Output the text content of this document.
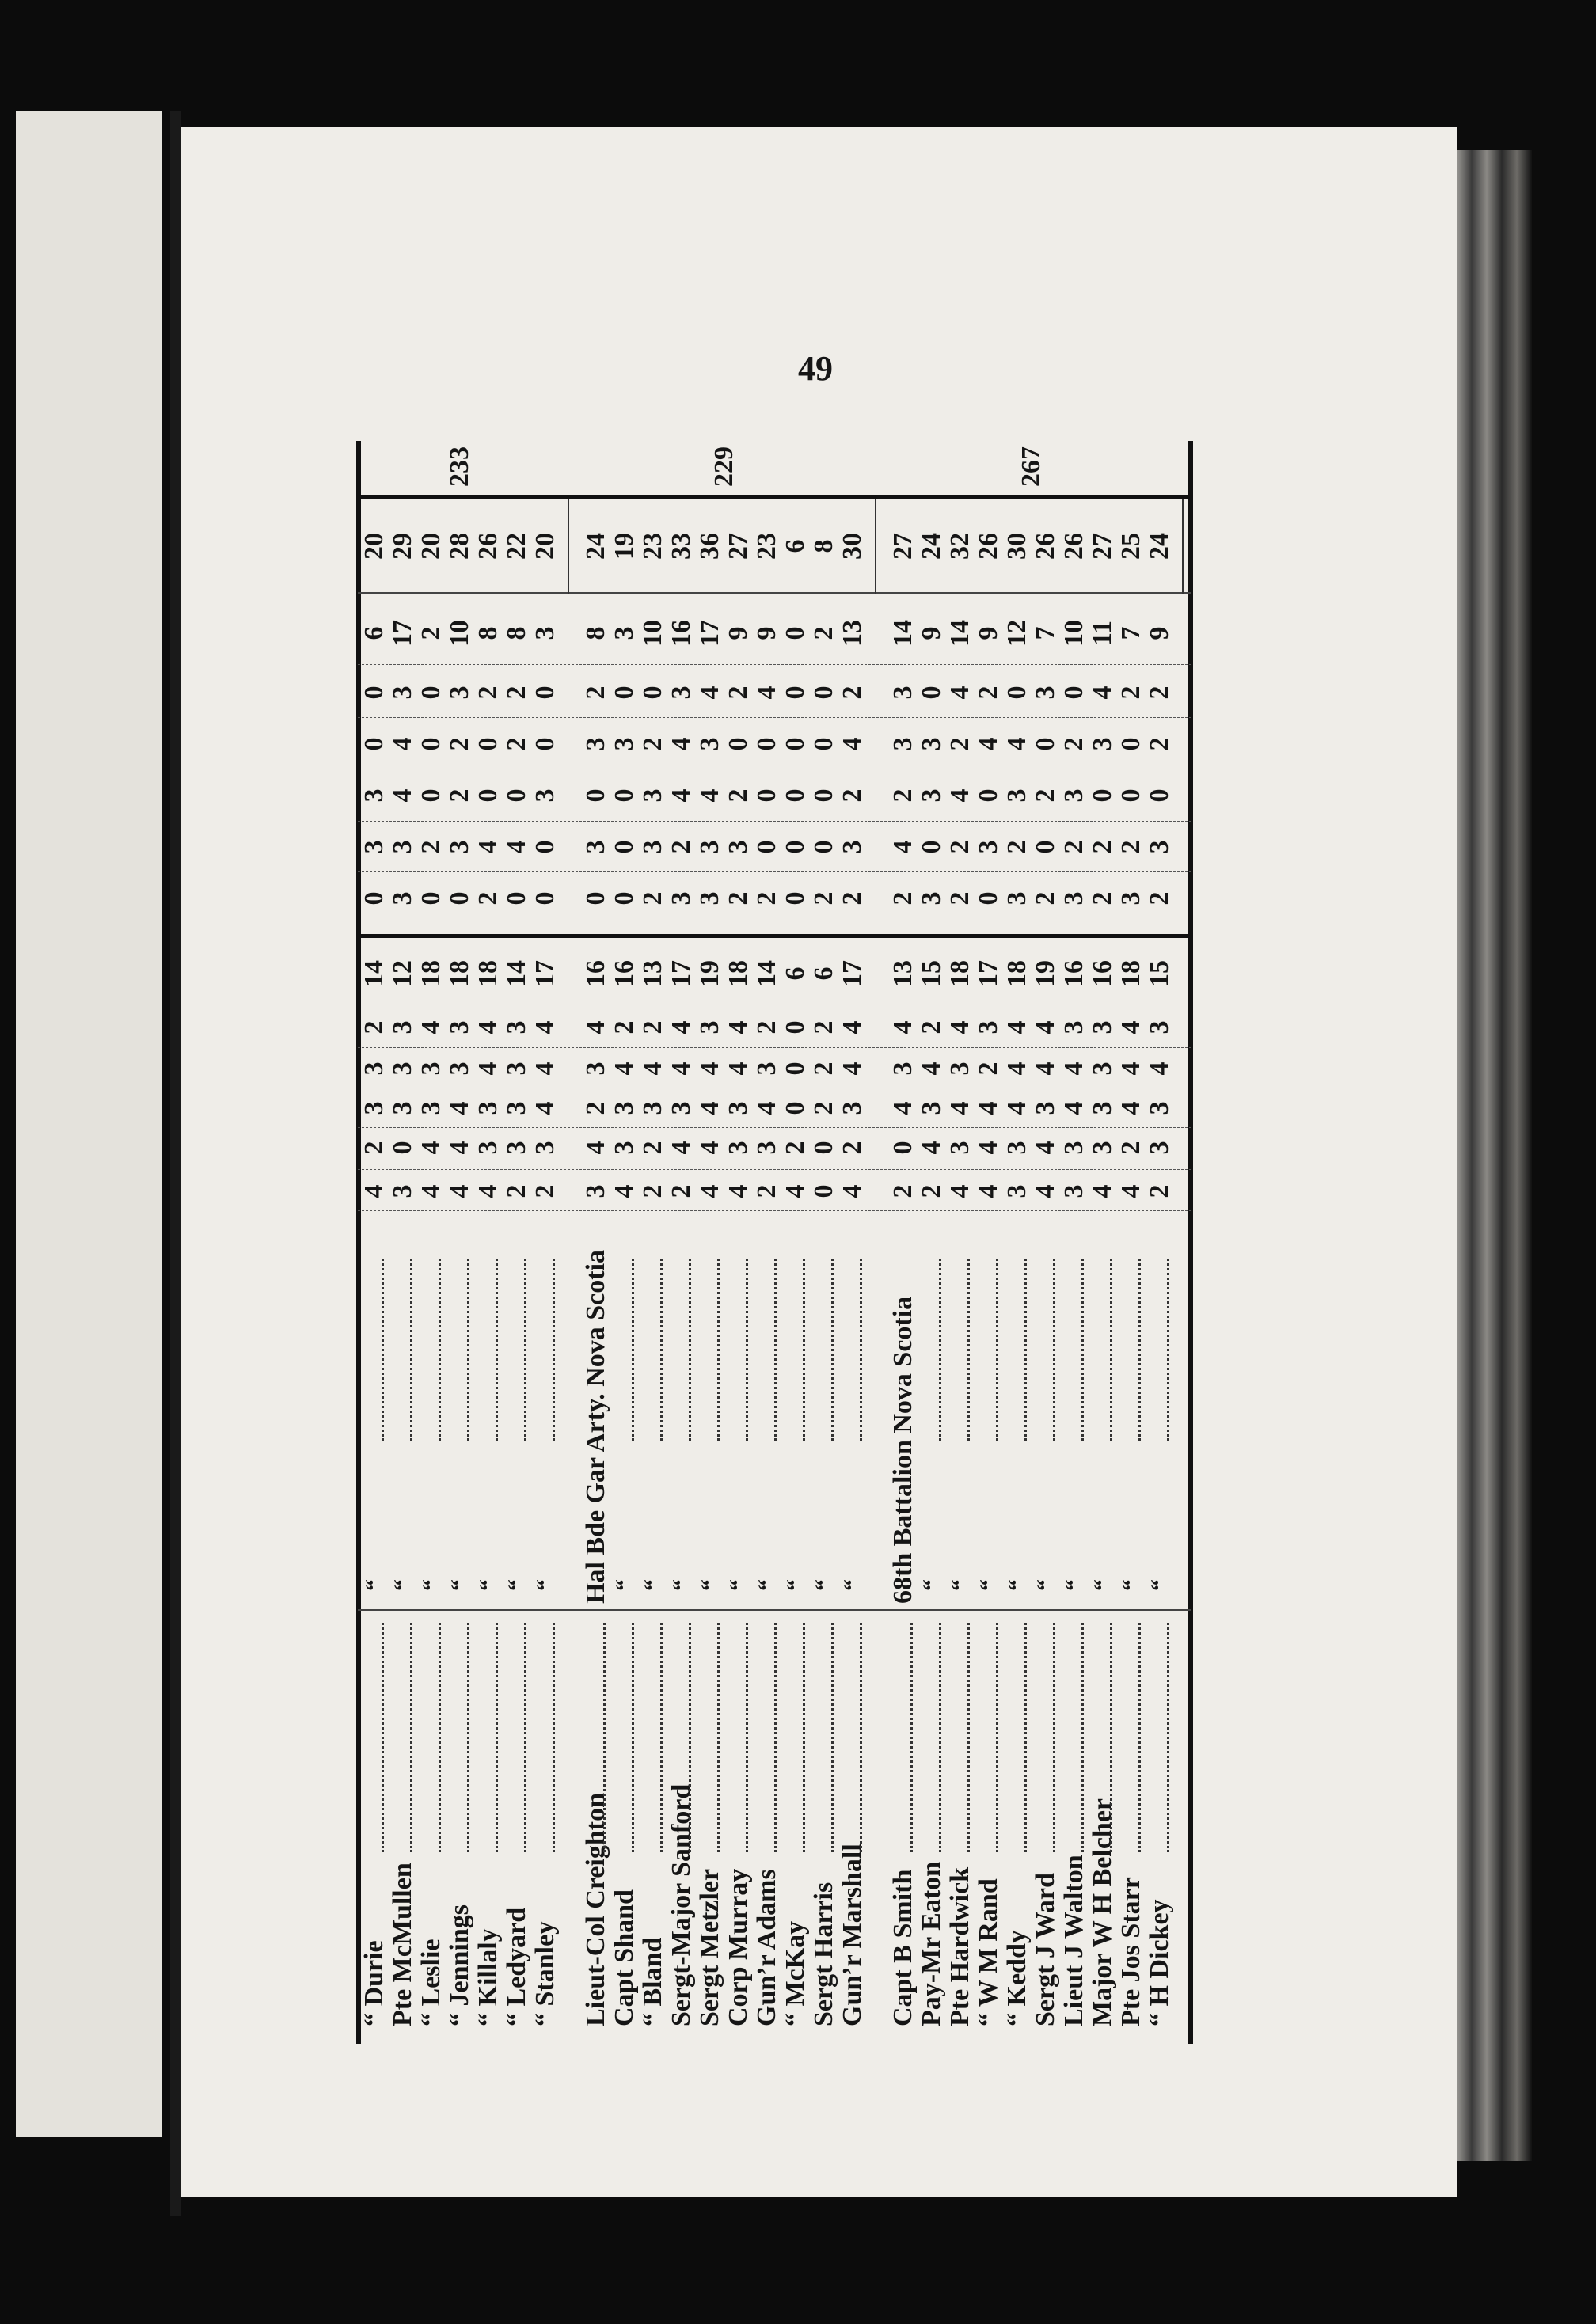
49
“ Durie
“
4
2
3
3
2
14
0
3
3
0
0
6
20
Pte McMullen
“
3
0
3
3
3
12
3
3
4
4
3
17
29
“ Leslie
“
4
4
3
3
4
18
0
2
0
0
0
2
20
“ Jennings
“
4
4
4
3
3
18
0
3
2
2
3
10
28
“ Killaly
“
4
3
3
4
4
18
2
4
0
0
2
8
26
“ Ledyard
“
2
3
3
3
3
14
0
4
0
2
2
8
22
“ Stanley
“
2
3
4
4
4
17
0
0
3
0
0
3
20
233
Hal Bde Gar Arty. Nova Scotia
Lieut-Col Creighton
3
4
2
3
4
16
0
3
0
3
2
8
24
Capt Shand
“
4
3
3
4
2
16
0
0
0
3
0
3
19
“ Bland
“
2
2
3
4
2
13
2
3
3
2
0
10
23
Sergt-Major Sanford
“
2
4
3
4
4
17
3
2
4
4
3
16
33
Sergt Metzler
“
4
4
4
4
3
19
3
3
4
3
4
17
36
Corp Murray
“
4
3
3
4
4
18
2
3
2
0
2
9
27
Gun’r Adams
“
2
3
4
3
2
14
2
0
0
0
4
9
23
“ McKay
“
4
2
0
0
0
6
0
0
0
0
0
0
6
Sergt Harris
“
0
0
2
2
2
6
2
0
0
0
0
2
8
Gun’r Marshall
“
4
2
3
4
4
17
2
3
2
4
2
13
30
229
68th Battalion Nova Scotia
Capt B Smith
2
0
4
3
4
13
2
4
2
3
3
14
27
Pay-Mr Eaton
“
2
4
3
4
2
15
3
0
3
3
0
9
24
Pte Hardwick
“
4
3
4
3
4
18
2
2
4
2
4
14
32
“ W M Rand
“
4
4
4
2
3
17
0
3
0
4
2
9
26
“ Keddy
“
3
3
4
4
4
18
3
2
3
4
0
12
30
Sergt J Ward
“
4
4
3
4
4
19
2
0
2
0
3
7
26
Lieut J Walton
“
3
3
4
4
3
16
3
2
3
2
0
10
26
Major W H Belcher
“
4
3
3
3
3
16
2
2
0
3
4
11
27
Pte Jos Starr
“
4
2
4
4
4
18
3
2
0
0
2
7
25
“ H Dickey
“
2
3
3
4
3
15
2
3
0
2
2
9
24
267
